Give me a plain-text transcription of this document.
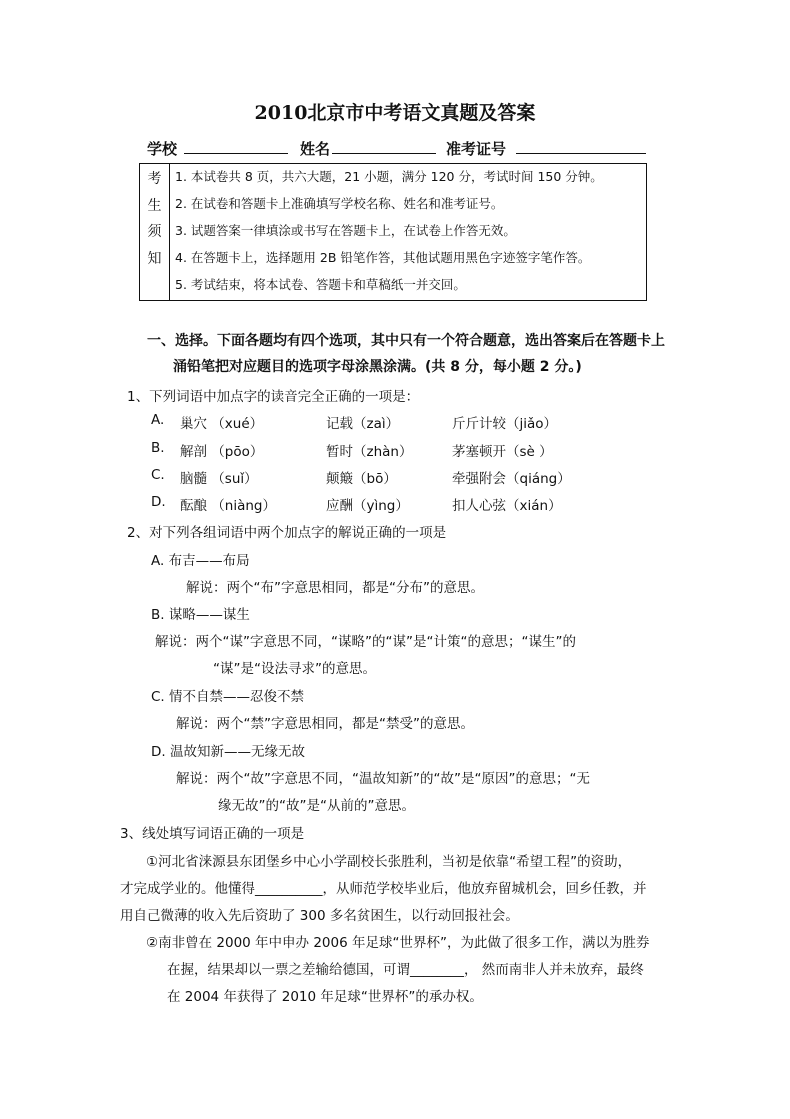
2010北京市中考语文真题及答案
学校	姓名	准考证号
考
生
须
知
1. 本试卷共 8 页，共六大题，21 小题，满分 120 分，考试时间 150 分钟。
2. 在试卷和答题卡上准确填写学校名称、姓名和准考证号。
3. 试题答案一律填涂或书写在答题卡上，在试卷上作答无效。
4. 在答题卡上，选择题用 2B 铅笔作答，其他试题用黑色字迹签字笔作答。
5. 考试结束，将本试卷、答题卡和草稿纸一并交回。
一、选择。下面各题均有四个选项，其中只有一个符合题意，选出答案后在答题卡上
涌铅笔把对应题目的选项字母涂黑涂满。(共 8 分，每小题 2 分。)
1、下列词语中加点字的读音完全正确的一项是：
A. 巢穴 （xué）	记载（zaì）	斤斤计较（jiǎo）
B. 解剖 （pōo）	暂时（zhàn）	茅塞顿开（sè ）
C. 脑髓 （suǐ）	颠簸（bō）	牵强附会（qiáng）
D. 酝酿 （niàng）	应酬（yìng）	扣人心弦（xián）
2、对下列各组词语中两个加点字的解说正确的一项是
A. 布吉——布局
解说：两个“布”字意思相同，都是“分布”的意思。
B. 谋略——谋生
解说：两个“谋”字意思不同，“谋略”的“谋”是“计策“的意思；“谋生”的
“谋”是“设法寻求”的意思。
C. 情不自禁——忍俊不禁
解说：两个“禁”字意思相同，都是“禁受”的意思。
D. 温故知新——无缘无故
解说：两个“故”字意思不同，“温故知新”的“故”是“原因”的意思；“无
缘无故”的“故”是“从前的”意思。
3、线处填写词语正确的一项是
①河北省涞源县东团堡乡中心小学副校长张胜利，当初是依靠“希望工程”的资助，
才完成学业的。他懂得__________，从师范学校毕业后，他放弃留城机会，回乡任教，并
用自己微薄的收入先后资助了 300 多名贫困生，以行动回报社会。
②南非曾在 2000 年中申办 2006 年足球“世界杯”，为此做了很多工作，满以为胜券
在握，结果却以一票之差输给德国，可谓________， 然而南非人并未放弃，最终
在 2004 年获得了 2010 年足球“世界杯”的承办权。
